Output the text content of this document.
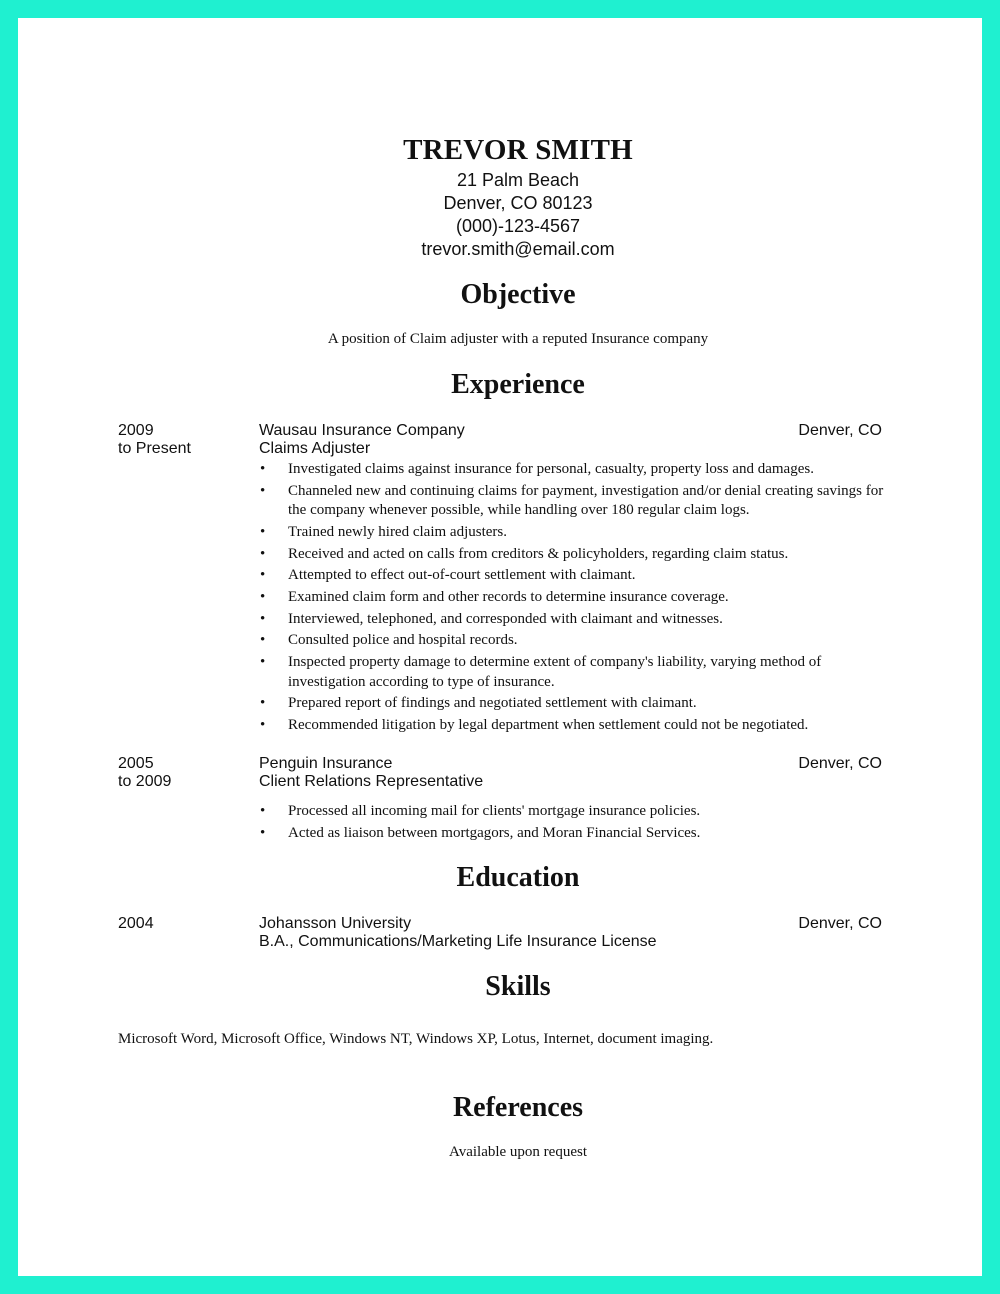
TREVOR SMITH
21 Palm Beach
Denver, CO 80123
(000)-123-4567
trevor.smith@email.com
Objective
A position of Claim adjuster with a reputed Insurance company
Experience
2009
to Present
Wausau Insurance Company
Claims Adjuster
Denver, CO
• Investigated claims against insurance for personal, casualty, property loss and damages.
• Channeled new and continuing claims for payment, investigation and/or denial creating savings for the company whenever possible, while handling over 180 regular claim logs.
• Trained newly hired claim adjusters.
• Received and acted on calls from creditors & policyholders, regarding claim status.
• Attempted to effect out-of-court settlement with claimant.
• Examined claim form and other records to determine insurance coverage.
• Interviewed, telephoned, and corresponded with claimant and witnesses.
• Consulted police and hospital records.
• Inspected property damage to determine extent of company's liability, varying method of investigation according to type of insurance.
• Prepared report of findings and negotiated settlement with claimant.
• Recommended litigation by legal department when settlement could not be negotiated.
2005
to 2009
Penguin Insurance
Client Relations Representative
Denver, CO
• Processed all incoming mail for clients' mortgage insurance policies.
• Acted as liaison between mortgagors, and Moran Financial Services.
Education
2004	Johansson University
B.A., Communications/Marketing Life Insurance License
Denver, CO
Skills
Microsoft Word, Microsoft Office, Windows NT, Windows XP, Lotus, Internet, document imaging.
References
Available upon request
